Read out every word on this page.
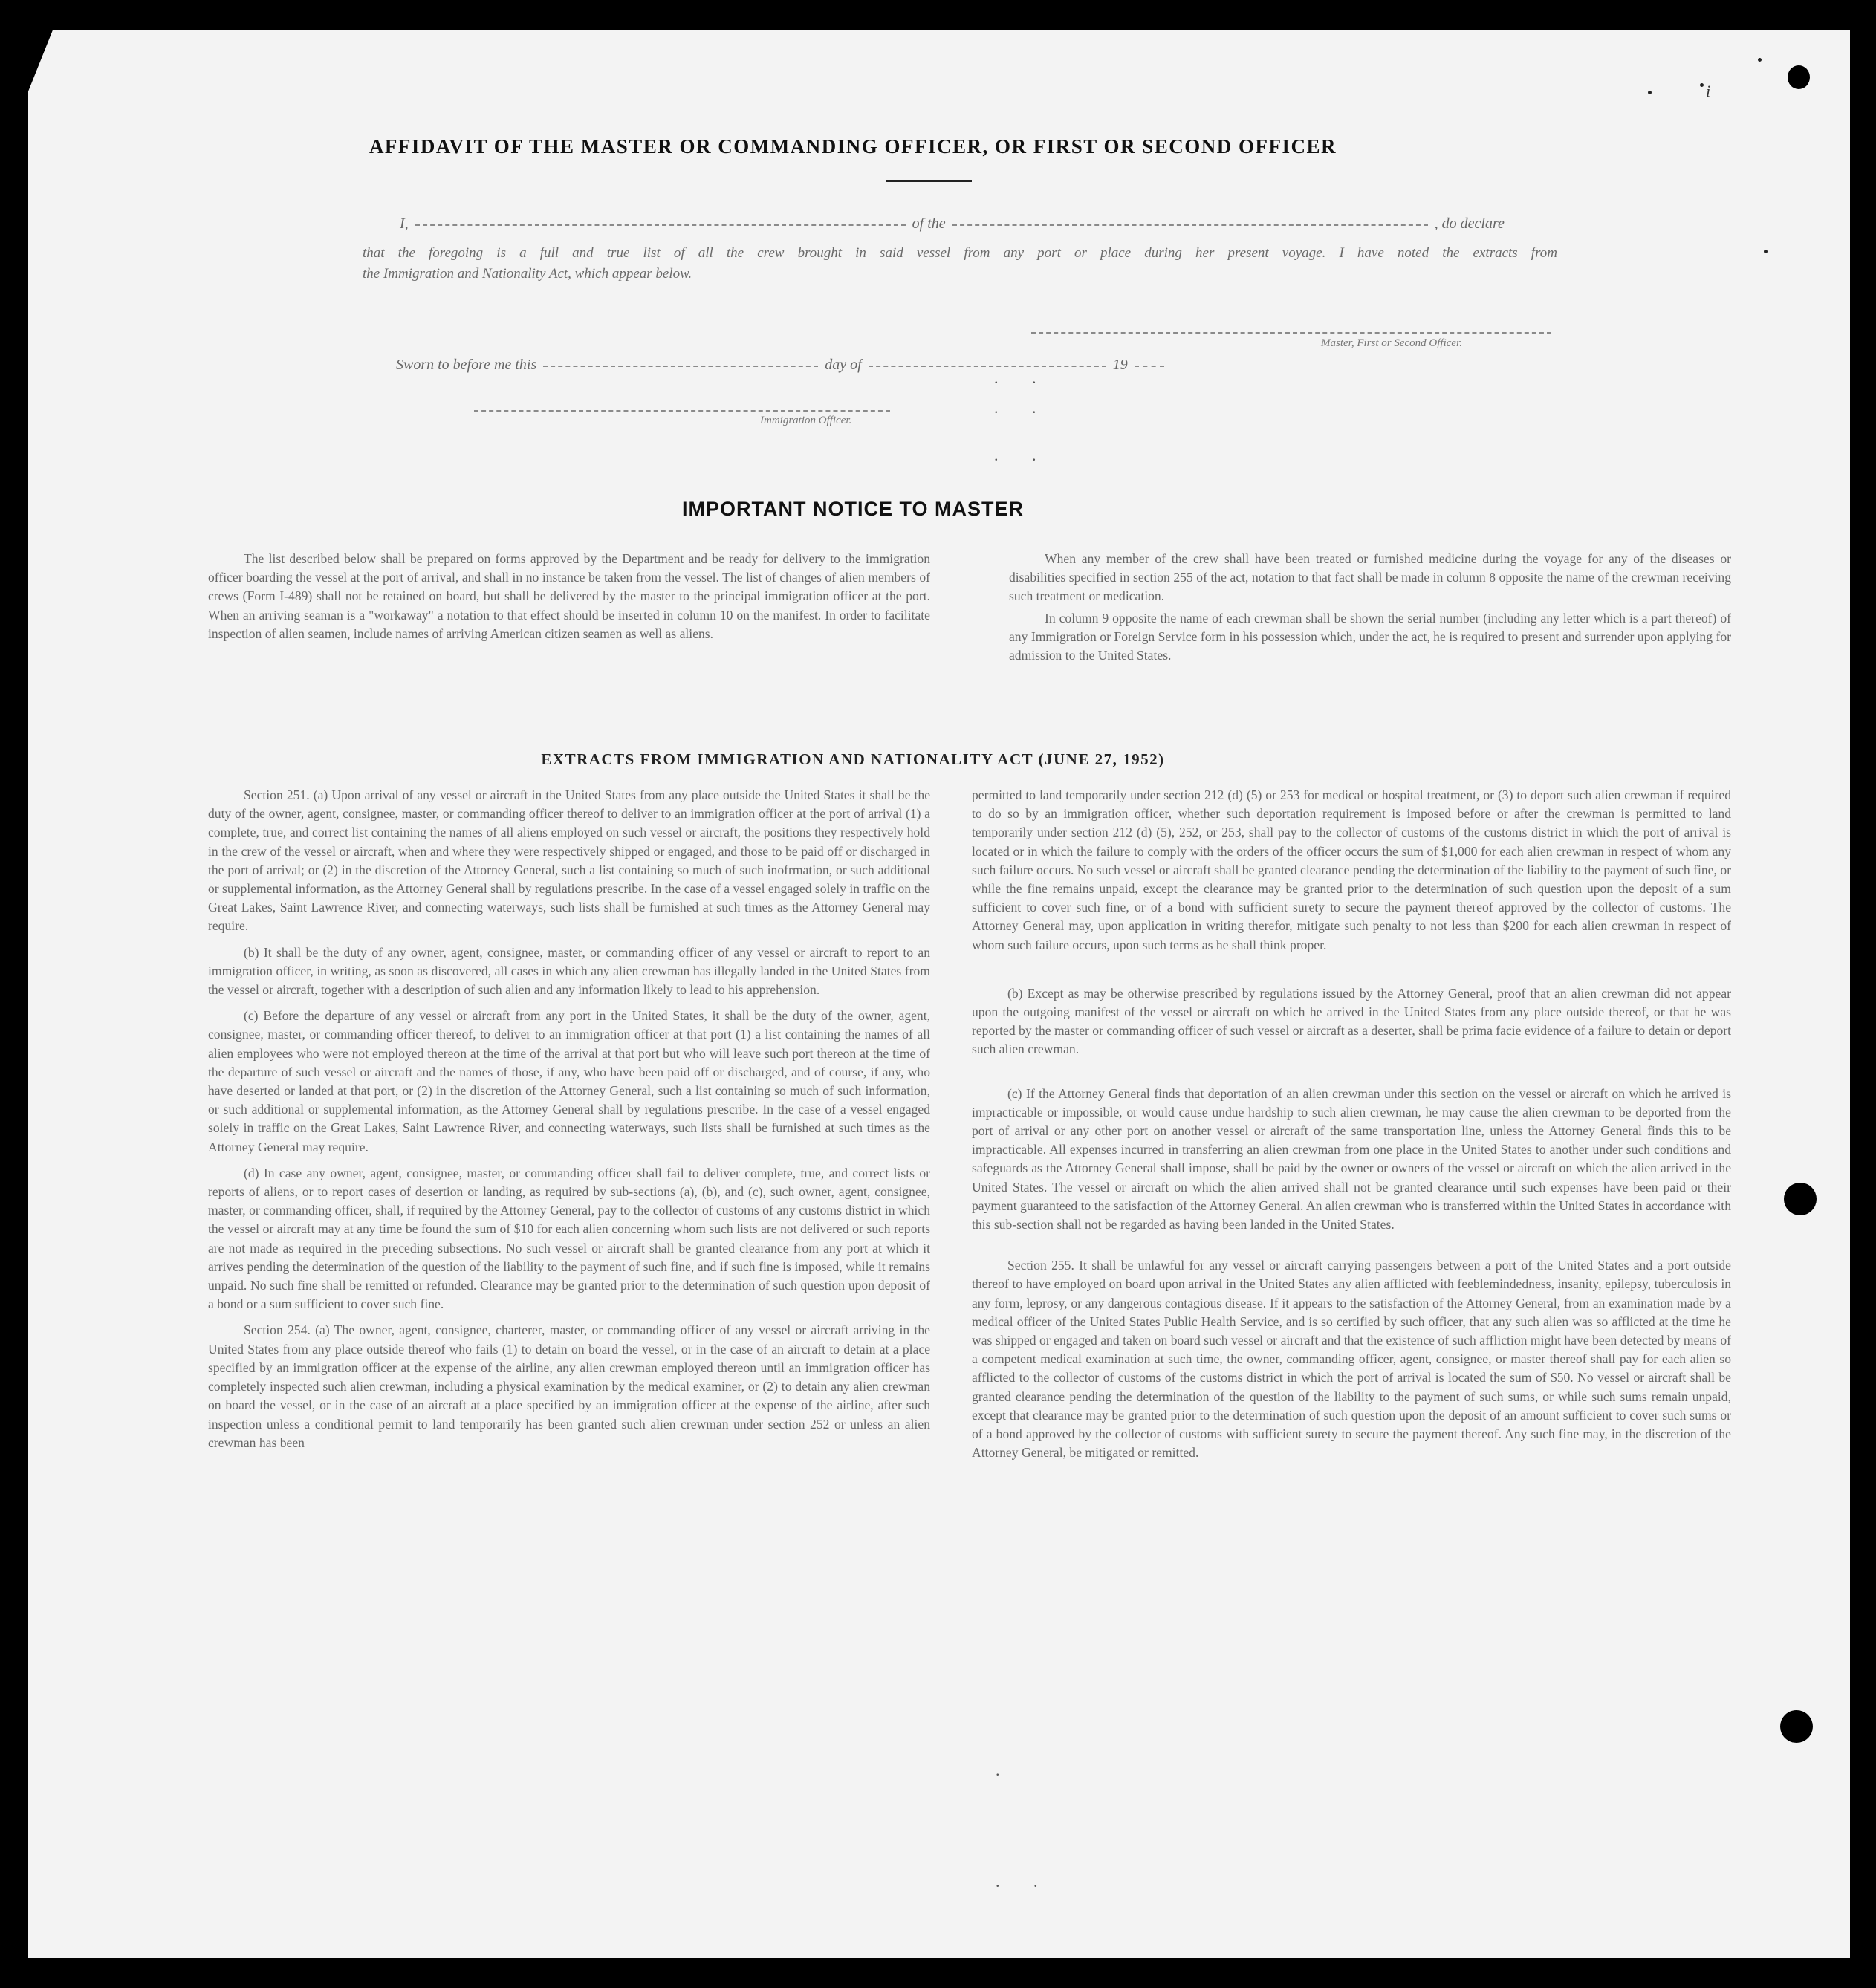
i
AFFIDAVIT OF THE MASTER OR COMMANDING OFFICER, OR FIRST OR SECOND OFFICER
I,	of the	, do declare
that the foregoing is a full and true list of all the crew brought in said vessel from any port or place during her present voyage. I have noted the extracts from
the Immigration and Nationality Act, which appear below.
Master, First or Second Officer.
Sworn to before me this	day of	19
Immigration Officer.
. .
. .
. .
IMPORTANT NOTICE TO MASTER

The list described below shall be prepared on forms approved by the Department and be ready for delivery to the immigration officer boarding the vessel at the port of arrival, and shall in no instance be taken from the vessel. The list of changes of alien members of crews (Form I-489) shall not be retained on board, but shall be delivered by the master to the principal immigration officer at the port. When an arriving seaman is a "workaway" a notation to that effect should be inserted in column 10 on the manifest. In order to facilitate inspection of alien seamen, include names of arriving American citizen seamen as well as aliens.

When any member of the crew shall have been treated or furnished medicine during the voyage for any of the diseases or disabilities specified in section 255 of the act, notation to that fact shall be made in column 8 opposite the name of the crewman receiving such treatment or medication.

In column 9 opposite the name of each crewman shall be shown the serial number (including any letter which is a part thereof) of any Immigration or Foreign Service form in his possession which, under the act, he is required to present and surrender upon applying for admission to the United States.

EXTRACTS FROM IMMIGRATION AND NATIONALITY ACT (JUNE 27, 1952)

Section 251. (a) Upon arrival of any vessel or aircraft in the United States from any place outside the United States it shall be the duty of the owner, agent, consignee, master, or commanding officer thereof to deliver to an immigration officer at the port of arrival (1) a complete, true, and correct list containing the names of all aliens employed on such vessel or aircraft, the positions they respectively hold in the crew of the vessel or aircraft, when and where they were respectively shipped or engaged, and those to be paid off or discharged in the port of arrival; or (2) in the discretion of the Attorney General, such a list containing so much of such inofrmation, or such additional or supplemental information, as the Attorney General shall by regulations prescribe. In the case of a vessel engaged solely in traffic on the Great Lakes, Saint Lawrence River, and connecting waterways, such lists shall be furnished at such times as the Attorney General may require.

(b) It shall be the duty of any owner, agent, consignee, master, or commanding officer of any vessel or aircraft to report to an immigration officer, in writing, as soon as discovered, all cases in which any alien crewman has illegally landed in the United States from the vessel or aircraft, together with a description of such alien and any information likely to lead to his apprehension.

(c) Before the departure of any vessel or aircraft from any port in the United States, it shall be the duty of the owner, agent, consignee, master, or commanding officer thereof, to deliver to an immigration officer at that port (1) a list containing the names of all alien employees who were not employed thereon at the time of the arrival at that port but who will leave such port thereon at the time of the departure of such vessel or aircraft and the names of those, if any, who have been paid off or discharged, and of course, if any, who have deserted or landed at that port, or (2) in the discretion of the Attorney General, such a list containing so much of such information, or such additional or supplemental information, as the Attorney General shall by regulations prescribe. In the case of a vessel engaged solely in traffic on the Great Lakes, Saint Lawrence River, and connecting waterways, such lists shall be furnished at such times as the Attorney General may require.

(d) In case any owner, agent, consignee, master, or commanding officer shall fail to deliver complete, true, and correct lists or reports of aliens, or to report cases of desertion or landing, as required by sub-sections (a), (b), and (c), such owner, agent, consignee, master, or commanding officer, shall, if required by the Attorney General, pay to the collector of customs of any customs district in which the vessel or aircraft may at any time be found the sum of $10 for each alien concerning whom such lists are not delivered or such reports are not made as required in the preceding subsections. No such vessel or aircraft shall be granted clearance from any port at which it arrives pending the determination of the question of the liability to the payment of such fine, and if such fine is imposed, while it remains unpaid. No such fine shall be remitted or refunded. Clearance may be granted prior to the determination of such question upon deposit of a bond or a sum sufficient to cover such fine.

Section 254. (a) The owner, agent, consignee, charterer, master, or commanding officer of any vessel or aircraft arriving in the United States from any place outside thereof who fails (1) to detain on board the vessel, or in the case of an aircraft to detain at a place specified by an immigration officer at the expense of the airline, any alien crewman employed thereon until an immigration officer has completely inspected such alien crewman, including a physical examination by the medical examiner, or (2) to detain any alien crewman on board the vessel, or in the case of an aircraft at a place specified by an immigration officer at the expense of the airline, after such inspection unless a conditional permit to land temporarily has been granted such alien crewman under section 252 or unless an alien crewman has been

permitted to land temporarily under section 212 (d) (5) or 253 for medical or hospital treatment, or (3) to deport such alien crewman if required to do so by an immigration officer, whether such deportation requirement is imposed before or after the crewman is permitted to land temporarily under section 212 (d) (5), 252, or 253, shall pay to the collector of customs of the customs district in which the port of arrival is located or in which the failure to comply with the orders of the officer occurs the sum of $1,000 for each alien crewman in respect of whom any such failure occurs. No such vessel or aircraft shall be granted clearance pending the determination of the liability to the payment of such fine, or while the fine remains unpaid, except the clearance may be granted prior to the determination of such question upon the deposit of a sum sufficient to cover such fine, or of a bond with sufficient surety to secure the payment thereof approved by the collector of customs. The Attorney General may, upon application in writing therefor, mitigate such penalty to not less than $200 for each alien crewman in respect of whom such failure occurs, upon such terms as he shall think proper.

(b) Except as may be otherwise prescribed by regulations issued by the Attorney General, proof that an alien crewman did not appear upon the outgoing manifest of the vessel or aircraft on which he arrived in the United States from any place outside thereof, or that he was reported by the master or commanding officer of such vessel or aircraft as a deserter, shall be prima facie evidence of a failure to detain or deport such alien crewman.

(c) If the Attorney General finds that deportation of an alien crewman under this section on the vessel or aircraft on which he arrived is impracticable or impossible, or would cause undue hardship to such alien crewman, he may cause the alien crewman to be deported from the port of arrival or any other port on another vessel or aircraft of the same transportation line, unless the Attorney General finds this to be impracticable. All expenses incurred in transferring an alien crewman from one place in the United States to another under such conditions and safeguards as the Attorney General shall impose, shall be paid by the owner or owners of the vessel or aircraft on which the alien arrived in the United States. The vessel or aircraft on which the alien arrived shall not be granted clearance until such expenses have been paid or their payment guaranteed to the satisfaction of the Attorney General. An alien crewman who is transferred within the United States in accordance with this sub-section shall not be regarded as having been landed in the United States.

Section 255. It shall be unlawful for any vessel or aircraft carrying passengers between a port of the United States and a port outside thereof to have employed on board upon arrival in the United States any alien afflicted with feeblemindedness, insanity, epilepsy, tuberculosis in any form, leprosy, or any dangerous contagious disease. If it appears to the satisfaction of the Attorney General, from an examination made by a medical officer of the United States Public Health Service, and is so certified by such officer, that any such alien was so afflicted at the time he was shipped or engaged and taken on board such vessel or aircraft and that the existence of such affliction might have been detected by means of a competent medical examination at such time, the owner, commanding officer, agent, consignee, or master thereof shall pay for each alien so afflicted to the collector of customs of the customs district in which the port of arrival is located the sum of $50. No vessel or aircraft shall be granted clearance pending the determination of the question of the liability to the payment of such sums, or while such sums remain unpaid, except that clearance may be granted prior to the determination of such question upon the deposit of an amount sufficient to cover such sums or of a bond approved by the collector of customs with sufficient surety to secure the payment thereof. Any such fine may, in the discretion of the Attorney General, be mitigated or remitted.

.
. .
